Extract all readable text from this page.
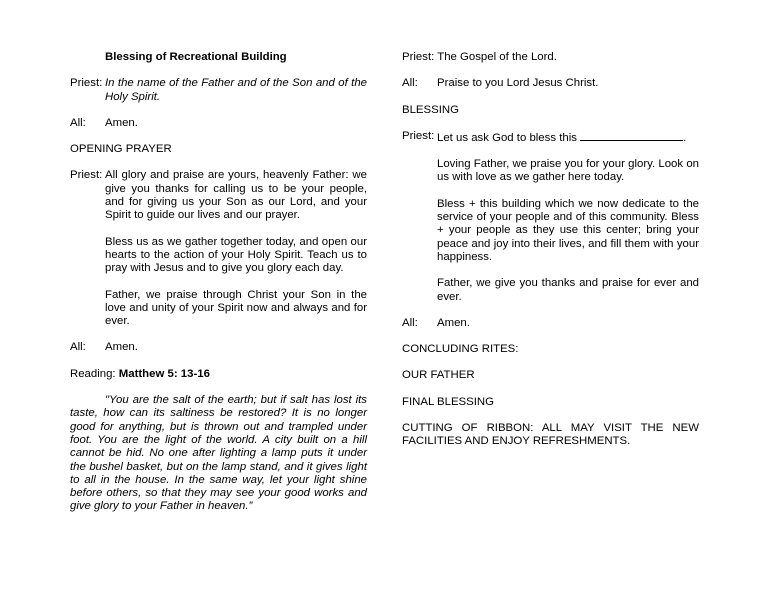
Blessing of Recreational Building
Priest: In the name of the Father and of the Son and of the Holy Spirit.
All:	Amen.
OPENING PRAYER
Priest: All glory and praise are yours, heavenly Father: we give you thanks for calling us to be your people, and for giving us your Son as our Lord, and your Spirit to guide our lives and our prayer.

Bless us as we gather together today, and open our hearts to the action of your Holy Spirit. Teach us to pray with Jesus and to give you glory each day.

Father, we praise through Christ your Son in the love and unity of your Spirit now and always and for ever.

All:	Amen.
Reading: Matthew 5: 13-16
"You are the salt of the earth; but if salt has lost its taste, how can its saltiness be restored? It is no longer good for anything, but is thrown out and trampled under foot. You are the light of the world. A city built on a hill cannot be hid. No one after lighting a lamp puts it under the bushel basket, but on the lamp stand, and it gives light to all in the house. In the same way, let your light shine before others, so that they may see your good works and give glory to your Father in heaven.”
Priest: The Gospel of the Lord.
All:	Praise to you Lord Jesus Christ.
BLESSING
Priest: Let us ask God to bless this	.

Loving Father, we praise you for your glory. Look on us with love as we gather here today.

Bless + this building which we now dedicate to the service of your people and of this community. Bless + your people as they use this center; bring your peace and joy into their lives, and fill them with your happiness.

Father, we give you thanks and praise for ever and ever.

All:	Amen.
CONCLUDING RITES:
OUR FATHER
FINAL BLESSING
CUTTING OF RIBBON: ALL MAY VISIT THE NEW FACILITIES AND ENJOY REFRESHMENTS.
